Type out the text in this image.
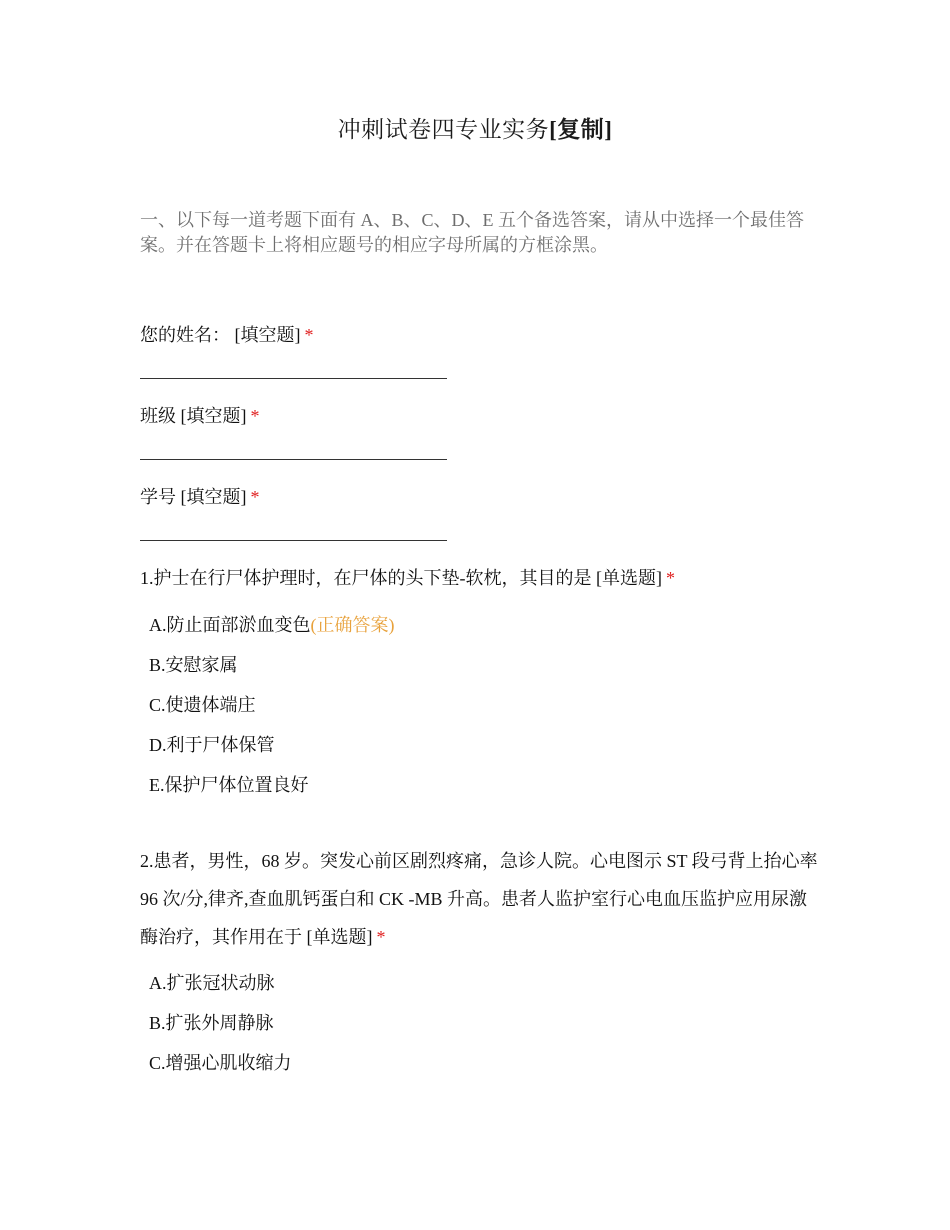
冲刺试卷四专业实务[复制]

一、以下每一道考题下面有 A、B、C、D、E 五个备选答案，请从中选择一个最佳答案。并在答题卡上将相应题号的相应字母所属的方框涂黑。

您的姓名： [填空题] *

班级 [填空题] *

学号 [填空题] *

1.护士在行尸体护理时，在尸体的头下垫-软枕，其目的是 [单选题] *

A.防止面部淤血变色(正确答案)
B.安慰家属
C.使遗体端庄
D.利于尸体保管
E.保护尸体位置良好

2.患者，男性，68 岁。突发心前区剧烈疼痛，急诊人院。心电图示 ST 段弓背上抬心率 96 次/分,律齐,查血肌钙蛋白和 CK -MB 升高。患者人监护室行心电血压监护应用尿激酶治疗，其作用在于 [单选题] *

A.扩张冠状动脉
B.扩张外周静脉
C.增强心肌收缩力
